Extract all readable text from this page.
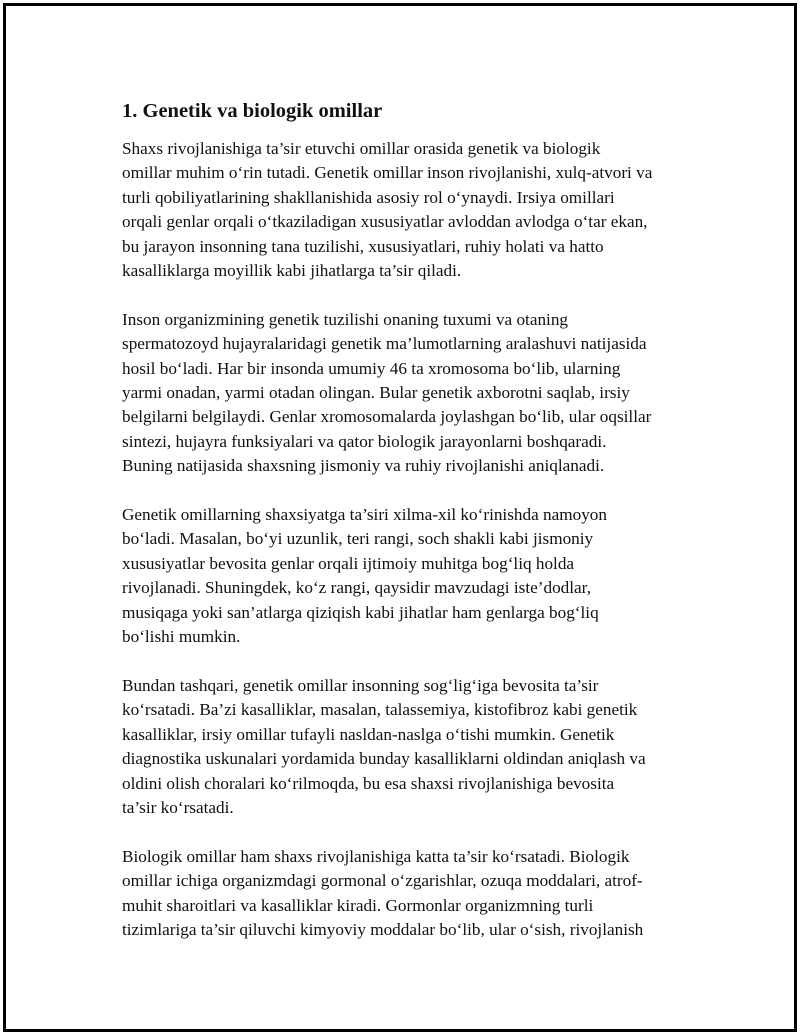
1. Genetik va biologik omillar

Shaxs rivojlanishiga ta’sir etuvchi omillar orasida genetik va biologik
omillar muhim o‘rin tutadi. Genetik omillar inson rivojlanishi, xulq-atvori va
turli qobiliyatlarining shakllanishida asosiy rol o‘ynaydi. Irsiya omillari
orqali genlar orqali o‘tkaziladigan xususiyatlar avloddan avlodga o‘tar ekan,
bu jarayon insonning tana tuzilishi, xususiyatlari, ruhiy holati va hatto
kasalliklarga moyillik kabi jihatlarga ta’sir qiladi.

Inson organizmining genetik tuzilishi onaning tuxumi va otaning
spermatozoyd hujayralaridagi genetik ma’lumotlarning aralashuvi natijasida
hosil bo‘ladi. Har bir insonda umumiy 46 ta xromosoma bo‘lib, ularning
yarmi onadan, yarmi otadan olingan. Bular genetik axborotni saqlab, irsiy
belgilarni belgilaydi. Genlar xromosomalarda joylashgan bo‘lib, ular oqsillar
sintezi, hujayra funksiyalari va qator biologik jarayonlarni boshqaradi.
Buning natijasida shaxsning jismoniy va ruhiy rivojlanishi aniqlanadi.

Genetik omillarning shaxsiyatga ta’siri xilma-xil ko‘rinishda namoyon
bo‘ladi. Masalan, bo‘yi uzunlik, teri rangi, soch shakli kabi jismoniy
xususiyatlar bevosita genlar orqali ijtimoiy muhitga bog‘liq holda
rivojlanadi. Shuningdek, ko‘z rangi, qaysidir mavzudagi iste’dodlar,
musiqaga yoki san’atlarga qiziqish kabi jihatlar ham genlarga bog‘liq
bo‘lishi mumkin.

Bundan tashqari, genetik omillar insonning sog‘lig‘iga bevosita ta’sir
ko‘rsatadi. Ba’zi kasalliklar, masalan, talassemiya, kistofibroz kabi genetik
kasalliklar, irsiy omillar tufayli nasldan-naslga o‘tishi mumkin. Genetik
diagnostika uskunalari yordamida bunday kasalliklarni oldindan aniqlash va
oldini olish choralari ko‘rilmoqda, bu esa shaxsi rivojlanishiga bevosita
ta’sir ko‘rsatadi.

Biologik omillar ham shaxs rivojlanishiga katta ta’sir ko‘rsatadi. Biologik
omillar ichiga organizmdagi gormonal o‘zgarishlar, ozuqa moddalari, atrof-
muhit sharoitlari va kasalliklar kiradi. Gormonlar organizmning turli
tizimlariga ta’sir qiluvchi kimyoviy moddalar bo‘lib, ular o‘sish, rivojlanish
